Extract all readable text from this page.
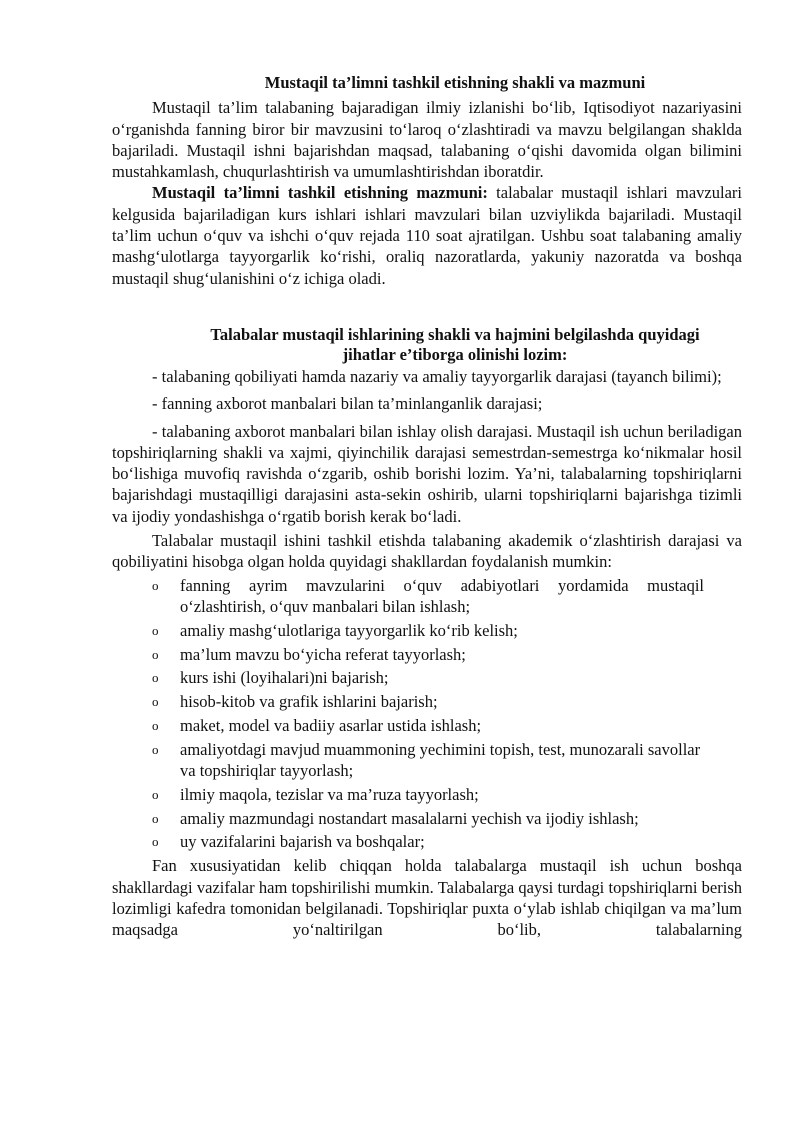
Mustaqil ta’limni tashkil etishning shakli va mazmuni

Mustaqil ta’lim talabaning bajaradigan ilmiy izlanishi bo‘lib, Iqtisodiyot nazariyasini o‘rganishda fanning biror bir mavzusini to‘laroq o‘zlashtiradi va mavzu belgilangan shaklda bajariladi. Mustaqil ishni bajarishdan maqsad, talabaning o‘qishi davomida olgan bilimini mustahkamlash, chuqurlashtirish va umumlashtirishdan iboratdir.

Mustaqil ta’limni tashkil etishning mazmuni: talabalar mustaqil ishlari mavzulari kelgusida bajariladigan kurs ishlari ishlari mavzulari bilan uzviylikda bajariladi. Mustaqil ta’lim uchun o‘quv va ishchi o‘quv rejada 110 soat ajratilgan. Ushbu soat talabaning amaliy mashg‘ulotlarga tayyorgarlik ko‘rishi, oraliq nazoratlarda, yakuniy nazoratda va boshqa mustaqil shug‘ulanishini o‘z ichiga oladi.

Talabalar mustaqil ishlarining shakli va hajmini belgilashda quyidagi
jihatlar e’tiborga olinishi lozim:

- talabaning qobiliyati hamda nazariy va amaliy tayyorgarlik darajasi (tayanch bilimi);

- fanning axborot manbalari bilan ta’minlanganlik darajasi;

- talabaning axborot manbalari bilan ishlay olish darajasi. Mustaqil ish uchun beriladigan topshiriqlarning shakli va xajmi, qiyinchilik darajasi semestrdan-semestrga ko‘nikmalar hosil bo‘lishiga muvofiq ravishda o‘zgarib, oshib borishi lozim. Ya’ni, talabalarning topshiriqlarni bajarishdagi mustaqilligi darajasini asta-sekin oshirib, ularni topshiriqlarni bajarishga tizimli va ijodiy yondashishga o‘rgatib borish kerak bo‘ladi.

Talabalar mustaqil ishini tashkil etishda talabaning akademik o‘zlashtirish darajasi va qobiliyatini hisobga olgan holda quyidagi shakllardan foydalanish mumkin:

o fanning ayrim mavzularini o‘quv adabiyotlari yordamida mustaqil o‘zlashtirish, o‘quv manbalari bilan ishlash;
o amaliy mashg‘ulotlariga tayyorgarlik ko‘rib kelish;
o ma’lum mavzu bo‘yicha referat tayyorlash;
o kurs ishi (loyihalari)ni bajarish;
o hisob-kitob va grafik ishlarini bajarish;
o maket, model va badiiy asarlar ustida ishlash;
o amaliyotdagi mavjud muammoning yechimini topish, test, munozarali savollar va topshiriqlar tayyorlash;
o ilmiy maqola, tezislar va ma’ruza tayyorlash;
o amaliy mazmundagi nostandart masalalarni yechish va ijodiy ishlash;
o uy vazifalarini bajarish va boshqalar;

Fan xususiyatidan kelib chiqqan holda talabalarga mustaqil ish uchun boshqa shakllardagi vazifalar ham topshirilishi mumkin. Talabalarga qaysi turdagi topshiriqlarni berish lozimligi kafedra tomonidan belgilanadi. Topshiriqlar puxta o‘ylab ishlab chiqilgan va ma’lum maqsadga yo‘naltirilgan bo‘lib, talabalarning
